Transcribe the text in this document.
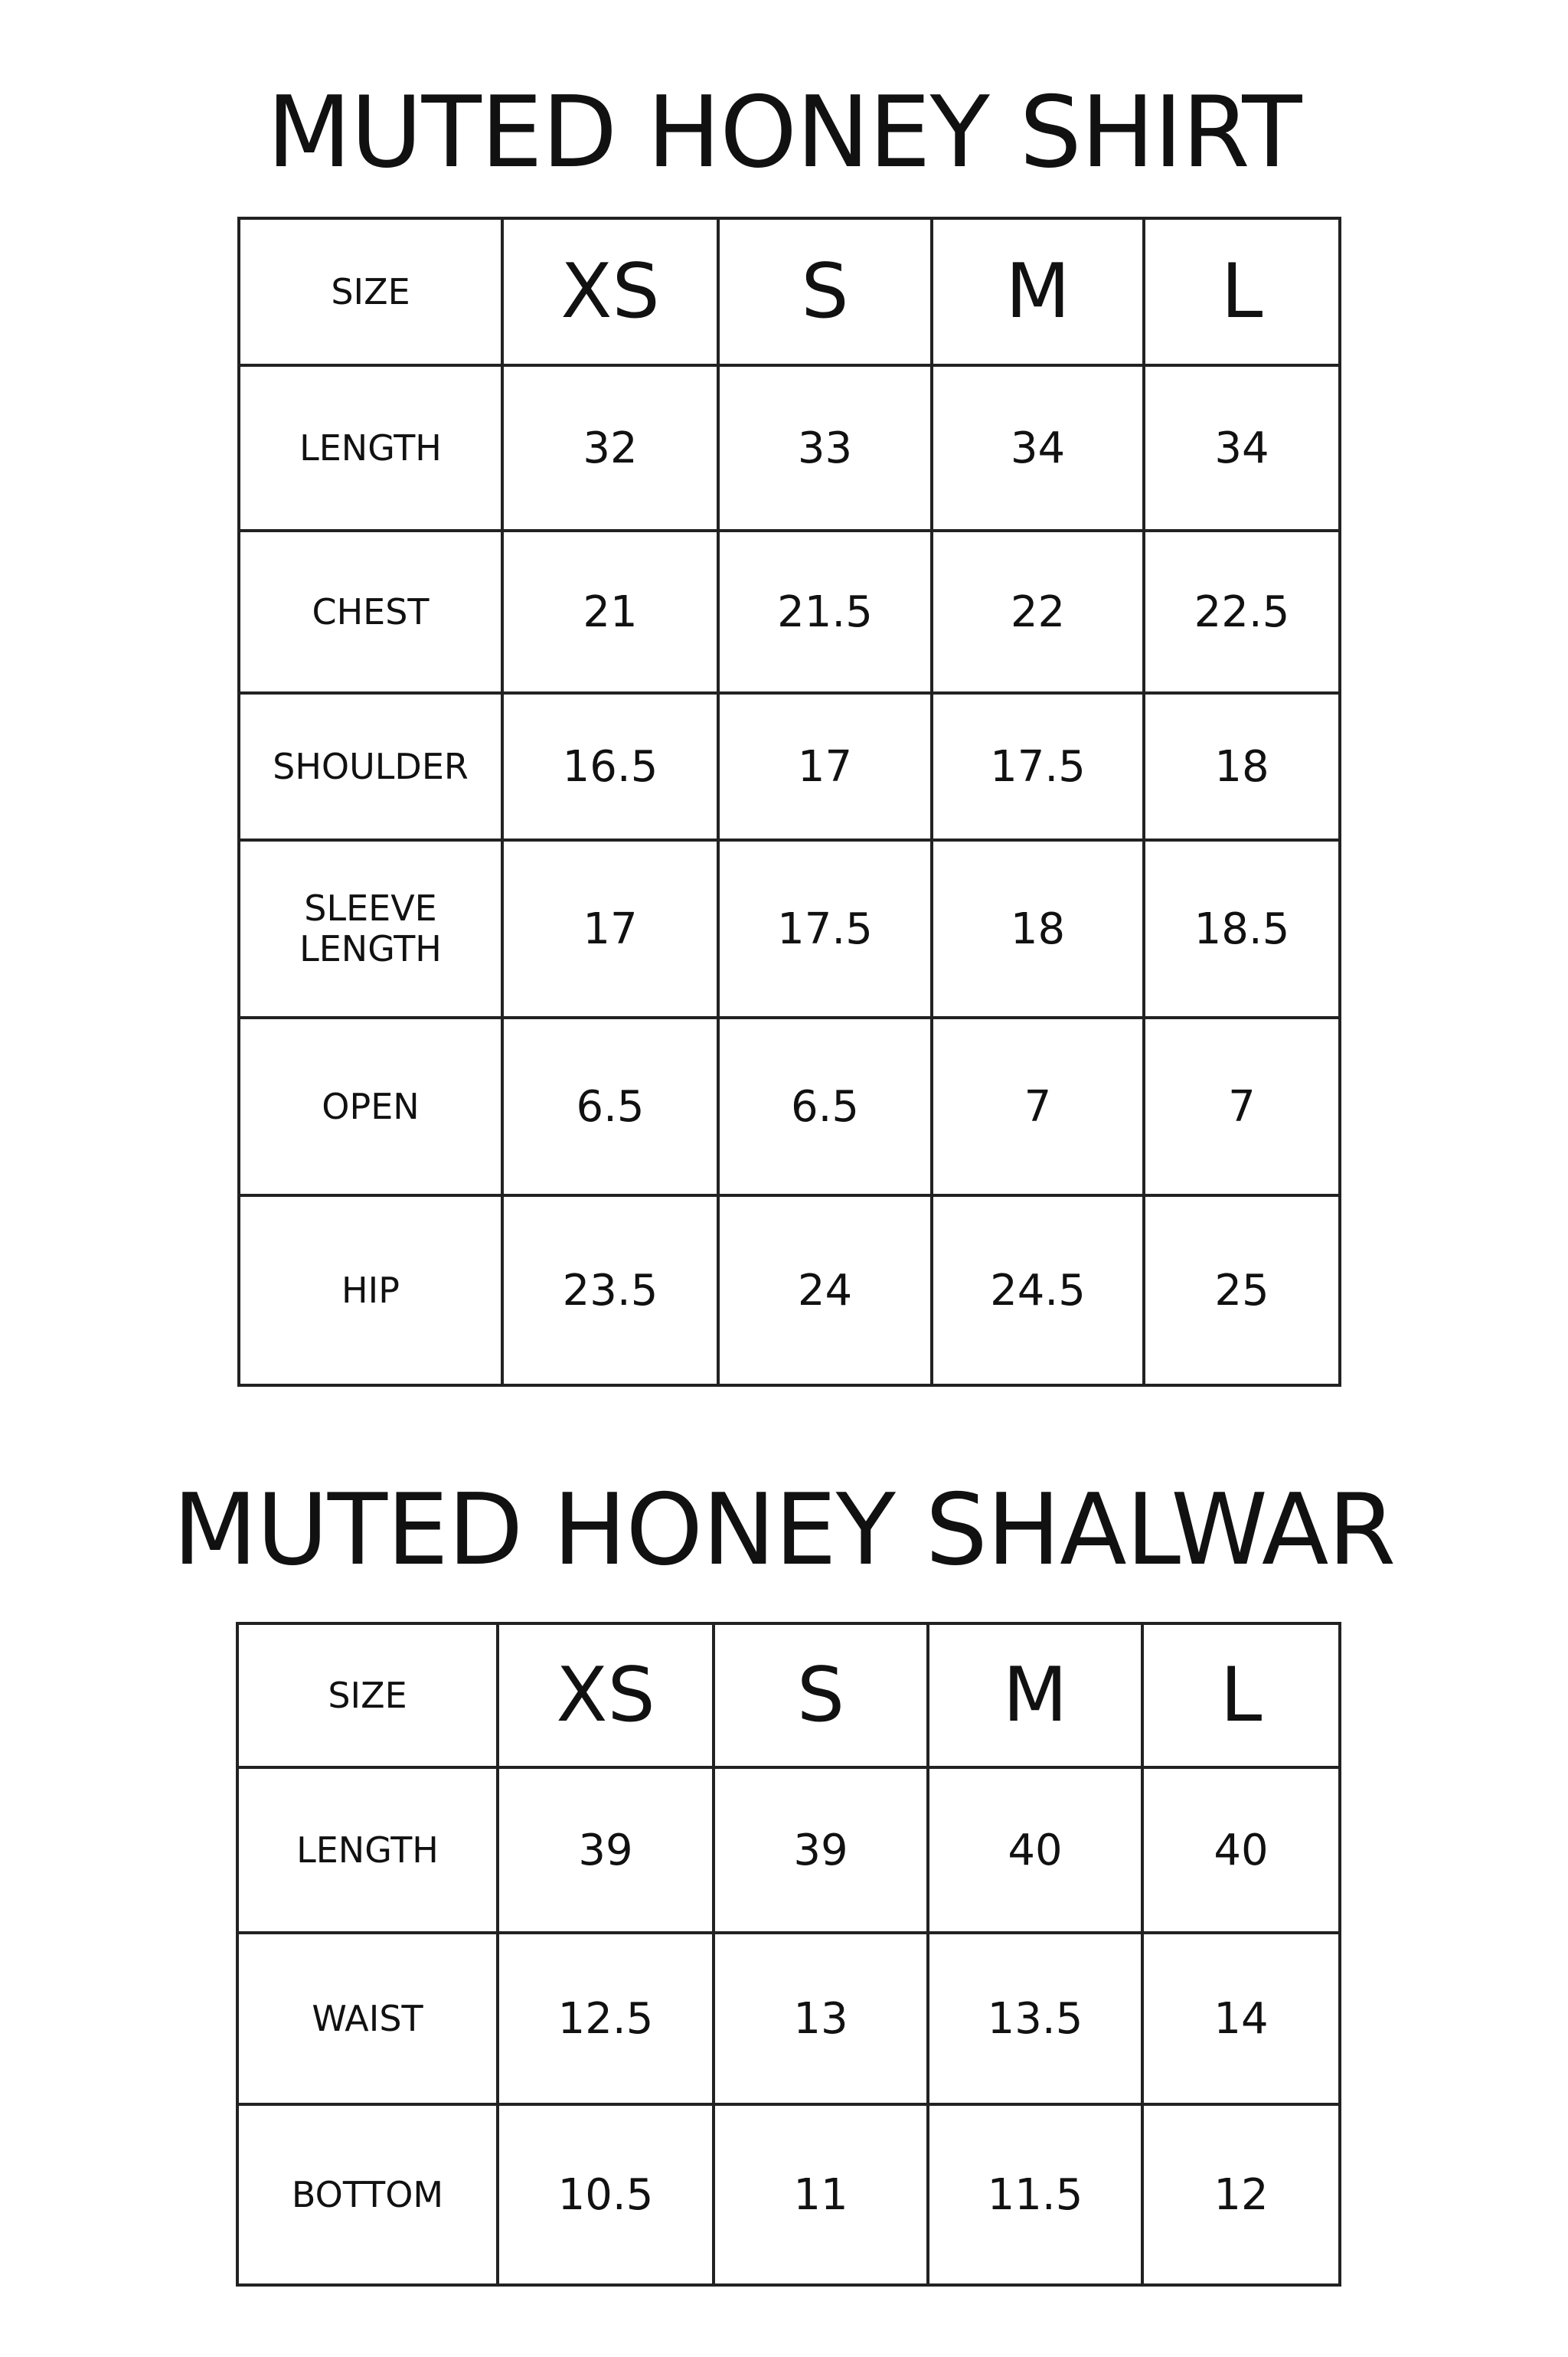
MUTED HONEY SHIRT
SIZE	XS	S	M	L
LENGTH	32	33	34	34
CHEST	21	21.5	22	22.5
SHOULDER	16.5	17	17.5	18
SLEEVE LENGTH	17	17.5	18	18.5
OPEN	6.5	6.5	7	7
HIP	23.5	24	24.5	25
MUTED HONEY SHALWAR
SIZE	XS	S	M	L
LENGTH	39	39	40	40
WAIST	12.5	13	13.5	14
BOTTOM	10.5	11	11.5	12
